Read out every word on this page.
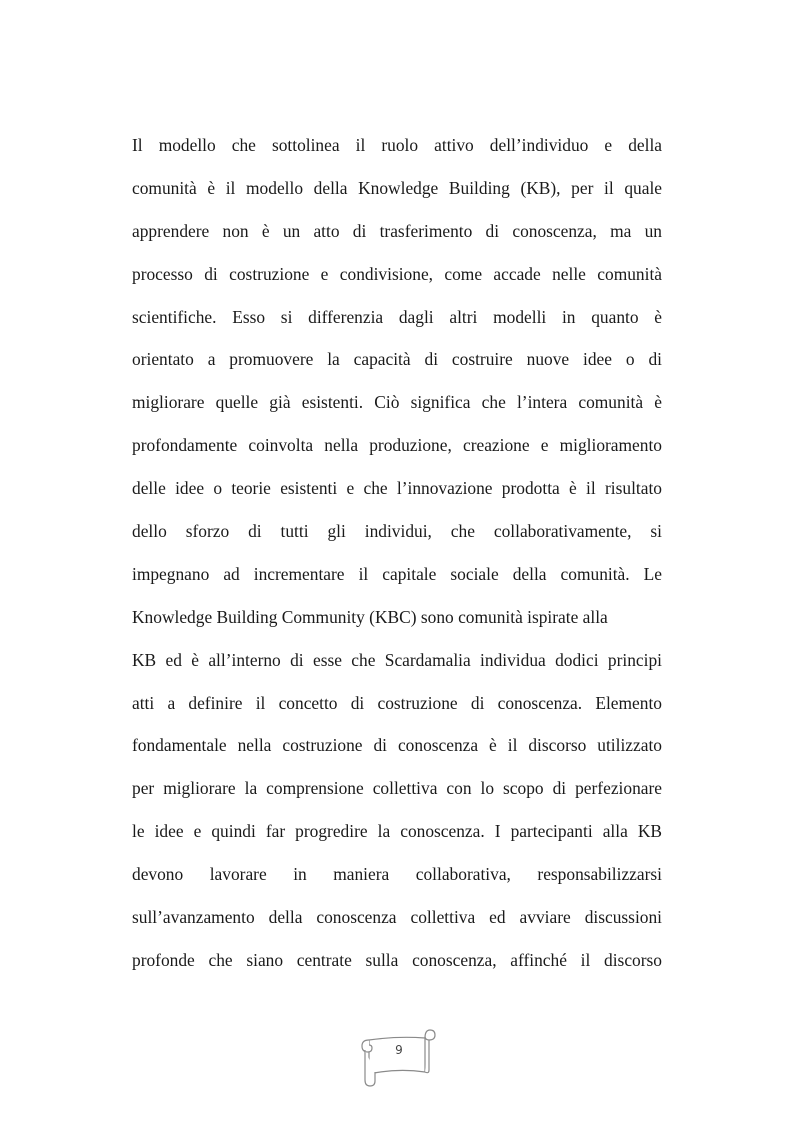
Il modello che sottolinea il ruolo attivo dell’individuo e della
comunità è il modello della Knowledge Building (KB), per il quale
apprendere non è un atto di trasferimento di conoscenza, ma un
processo di costruzione e condivisione, come accade nelle comunità
scientifiche. Esso si differenzia dagli altri modelli in quanto è
orientato a promuovere la capacità di costruire nuove idee o di
migliorare quelle già esistenti. Ciò significa che l’intera comunità è
profondamente coinvolta nella produzione, creazione e miglioramento
delle idee o teorie esistenti e che l’innovazione prodotta è il risultato
dello sforzo di tutti gli individui, che collaborativamente, si
impegnano ad incrementare il capitale sociale della comunità. Le
Knowledge Building Community (KBC) sono comunità ispirate alla
KB ed è all’interno di esse che Scardamalia individua dodici principi
atti a definire il concetto di costruzione di conoscenza. Elemento
fondamentale nella costruzione di conoscenza è il discorso utilizzato
per migliorare la comprensione collettiva con lo scopo di perfezionare
le idee e quindi far progredire la conoscenza. I partecipanti alla KB
devono lavorare in maniera collaborativa, responsabilizzarsi
sull’avanzamento della conoscenza collettiva ed avviare discussioni
profonde che siano centrate sulla conoscenza, affinché il discorso
9
